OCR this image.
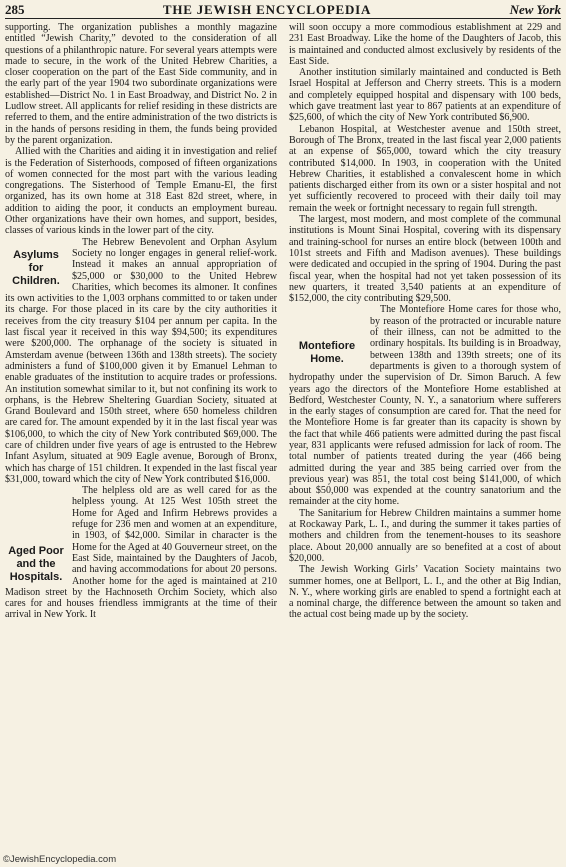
285	THE JEWISH ENCYCLOPEDIA	New York

supporting. The organization publishes a monthly magazine entitled “Jewish Charity,” devoted to the consideration of all questions of a philanthropic nature. For several years attempts were made to secure, in the work of the United Hebrew Charities, a closer cooperation on the part of the East Side community, and in the early part of the year 1904 two subordinate organizations were established—District No. 1 in East Broadway, and District No. 2 in Ludlow street. All applicants for relief residing in these districts are referred to them, and the entire administration of the two districts is in the hands of persons residing in them, the funds being provided by the parent organization.

Allied with the Charities and aiding it in investigation and relief is the Federation of Sisterhoods, composed of fifteen organizations of women connected for the most part with the various leading congregations. The Sisterhood of Temple Emanu-El, the first organized, has its own home at 318 East 82d street, where, in addition to aiding the poor, it conducts an employment bureau. Other organizations have their own homes, and support, besides, classes of various kinds in the lower part of the city.

Asylums
for
Children.

The Hebrew Benevolent and Orphan Asylum Society no longer engages in general relief-work. Instead it makes an annual appropriation of $25,000 or $30,000 to the United Hebrew Charities, which becomes its almoner. It confines its own activities to the 1,003 orphans committed to or taken under its charge. For those placed in its care by the city authorities it receives from the city treasury $104 per annum per capita. In the last fiscal year it received in this way $94,500; its expenditures were $200,000. The orphanage of the society is situated in Amsterdam avenue (between 136th and 138th streets). The society administers a fund of $100,000 given it by Emanuel Lehman to enable graduates of the institution to acquire trades or professions. An institution somewhat similar to it, but not confining its work to orphans, is the Hebrew Sheltering Guardian Society, situated at Grand Boulevard and 150th street, where 650 homeless children are cared for. The amount expended by it in the last fiscal year was $106,000, to which the city of New York contributed $69,000. The care of children under five years of age is entrusted to the Hebrew Infant Asylum, situated at 909 Eagle avenue, Borough of Bronx, which has charge of 151 children. It expended in the last fiscal year $31,000, toward which the city of New York contributed $16,000.

Aged Poor
and the
Hospitals.

The helpless old are as well cared for as the helpless young. At 125 West 105th street the Home for Aged and Infirm Hebrews provides a refuge for 236 men and women at an expenditure, in 1903, of $42,000. Similar in character is the Home for the Aged at 40 Gouverneur street, on the East Side, maintained by the Daughters of Jacob, and having accommodations for about 20 persons. Another home for the aged is maintained at 210 Madison street by the Hachnoseth Orchim Society, which also cares for and houses friendless immigrants at the time of their arrival in New York. It

will soon occupy a more commodious establishment at 229 and 231 East Broadway. Like the home of the Daughters of Jacob, this is maintained and conducted almost exclusively by residents of the East Side.

Another institution similarly maintained and conducted is Beth Israel Hospital at Jefferson and Cherry streets. This is a modern and completely equipped hospital and dispensary with 100 beds, which gave treatment last year to 867 patients at an expenditure of $25,600, of which the city of New York contributed $6,900.

Lebanon Hospital, at Westchester avenue and 150th street, Borough of The Bronx, treated in the last fiscal year 2,000 patients at an expense of $65,000, toward which the city treasury contributed $14,000. In 1903, in cooperation with the United Hebrew Charities, it established a convalescent home in which patients discharged either from its own or a sister hospital and not yet sufficiently recovered to proceed with their daily toil may remain the week or fortnight necessary to regain full strength.

The largest, most modern, and most complete of the communal institutions is Mount Sinai Hospital, covering with its dispensary and training-school for nurses an entire block (between 100th and 101st streets and Fifth and Madison avenues). These buildings were dedicated and occupied in the spring of 1904. During the past fiscal year, when the hospital had not yet taken possession of its new quarters, it treated 3,540 patients at an expenditure of $152,000, the city contributing $29,500.

Montefiore
Home.

The Montefiore Home cares for those who, by reason of the protracted or incurable nature of their illness, can not be admitted to the ordinary hospitals. Its building is in Broadway, between 138th and 139th streets; one of its departments is given to a thorough system of hydropathy under the supervision of Dr. Simon Baruch. A few years ago the directors of the Montefiore Home established at Bedford, Westchester County, N. Y., a sanatorium where sufferers in the early stages of consumption are cared for. That the need for the Montefiore Home is far greater than its capacity is shown by the fact that while 466 patients were admitted during the past fiscal year, 831 applicants were refused admission for lack of room. The total number of patients treated during the year (466 being admitted during the year and 385 being carried over from the previous year) was 851, the total cost being $141,000, of which about $50,000 was expended at the country sanatorium and the remainder at the city home.

The Sanitarium for Hebrew Children maintains a summer home at Rockaway Park, L. I., and during the summer it takes parties of mothers and children from the tenement-houses to its seashore place. About 20,000 annually are so benefited at a cost of about $20,000.

The Jewish Working Girls’ Vacation Society maintains two summer homes, one at Bellport, L. I., and the other at Big Indian, N. Y., where working girls are enabled to spend a fortnight each at a nominal charge, the difference between the amount so taken and the actual cost being made up by the society.

©JewishEncyclopedia.com
